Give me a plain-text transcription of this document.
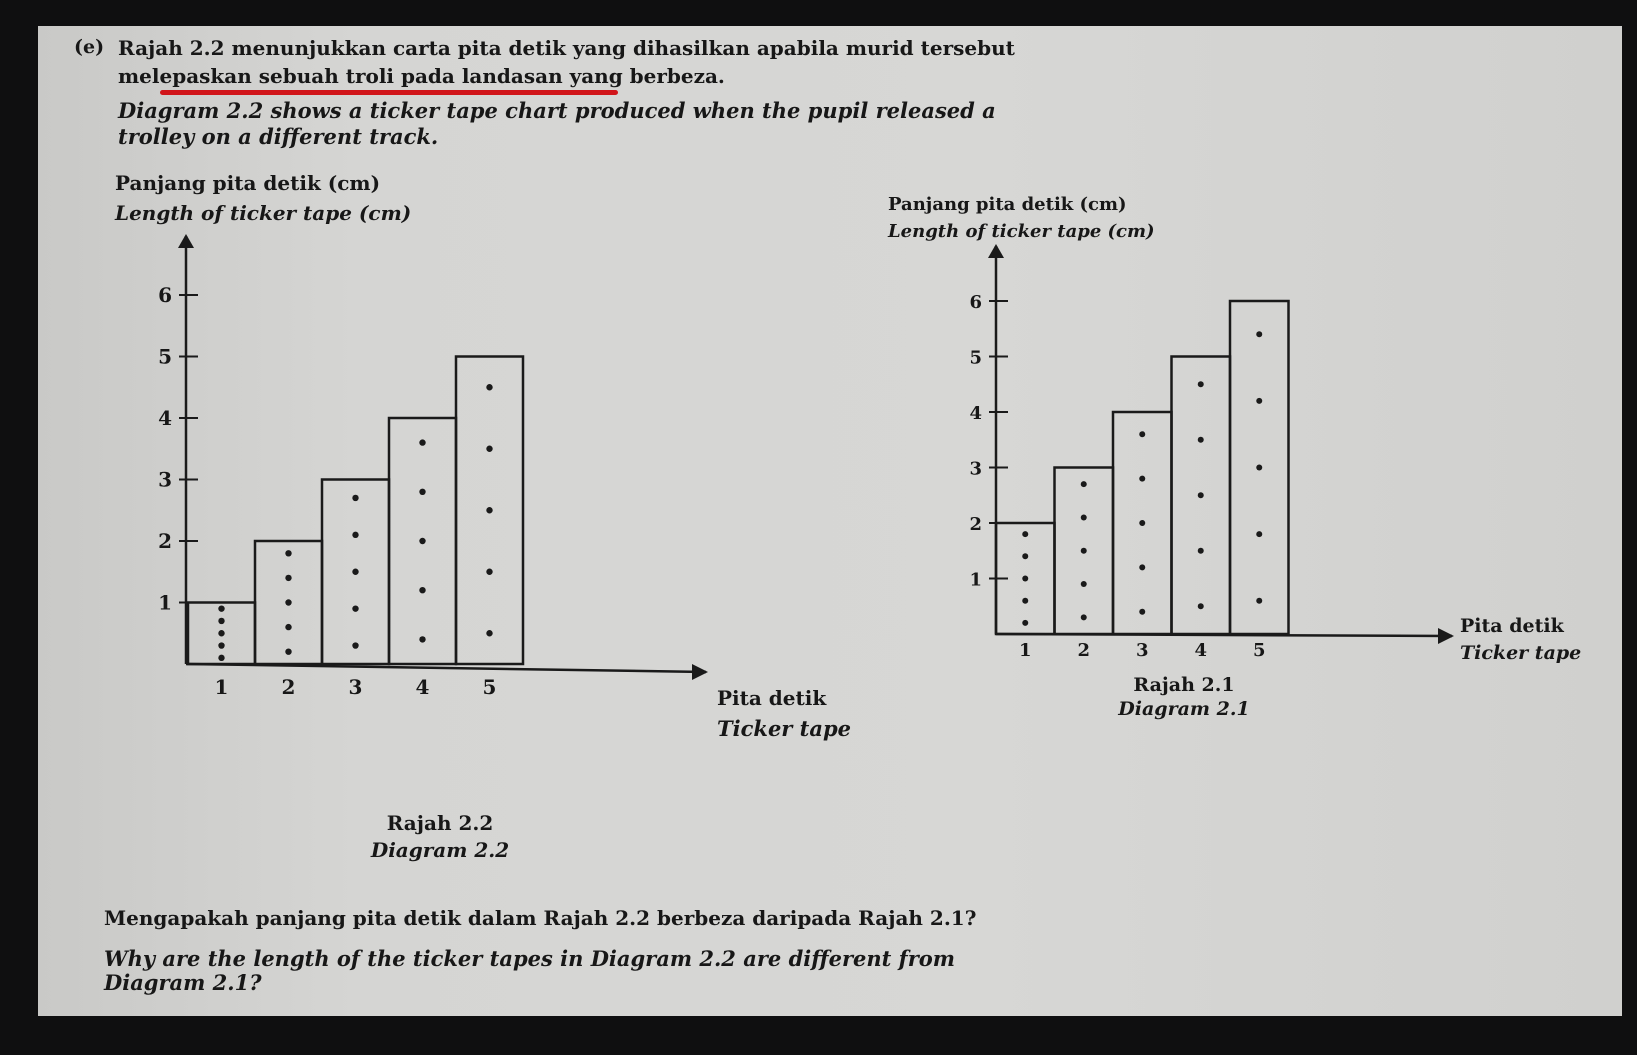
(e) Rajah 2.2 menunjukkan carta pita detik yang dihasilkan apabila murid tersebut
melepaskan sebuah troli pada landasan yang berbeza.
Diagram 2.2 shows a ticker tape chart produced when the pupil released a
trolley on a different track.
Panjang pita detik (cm)
Length of ticker tape (cm)
Pita detik
Ticker tape
Rajah 2.2
Diagram 2.2
Panjang pita detik (cm)
Length of ticker tape (cm)
Pita detik
Ticker tape
Rajah 2.1
Diagram 2.1
1
2
3
4
5
6
1	2	3	4	5
1
2
3
4
5
6
1	2	3	4	5
Mengapakah panjang pita detik dalam Rajah 2.2 berbeza daripada Rajah 2.1?
Why are the length of the ticker tapes in Diagram 2.2 are different from
Diagram 2.1?
